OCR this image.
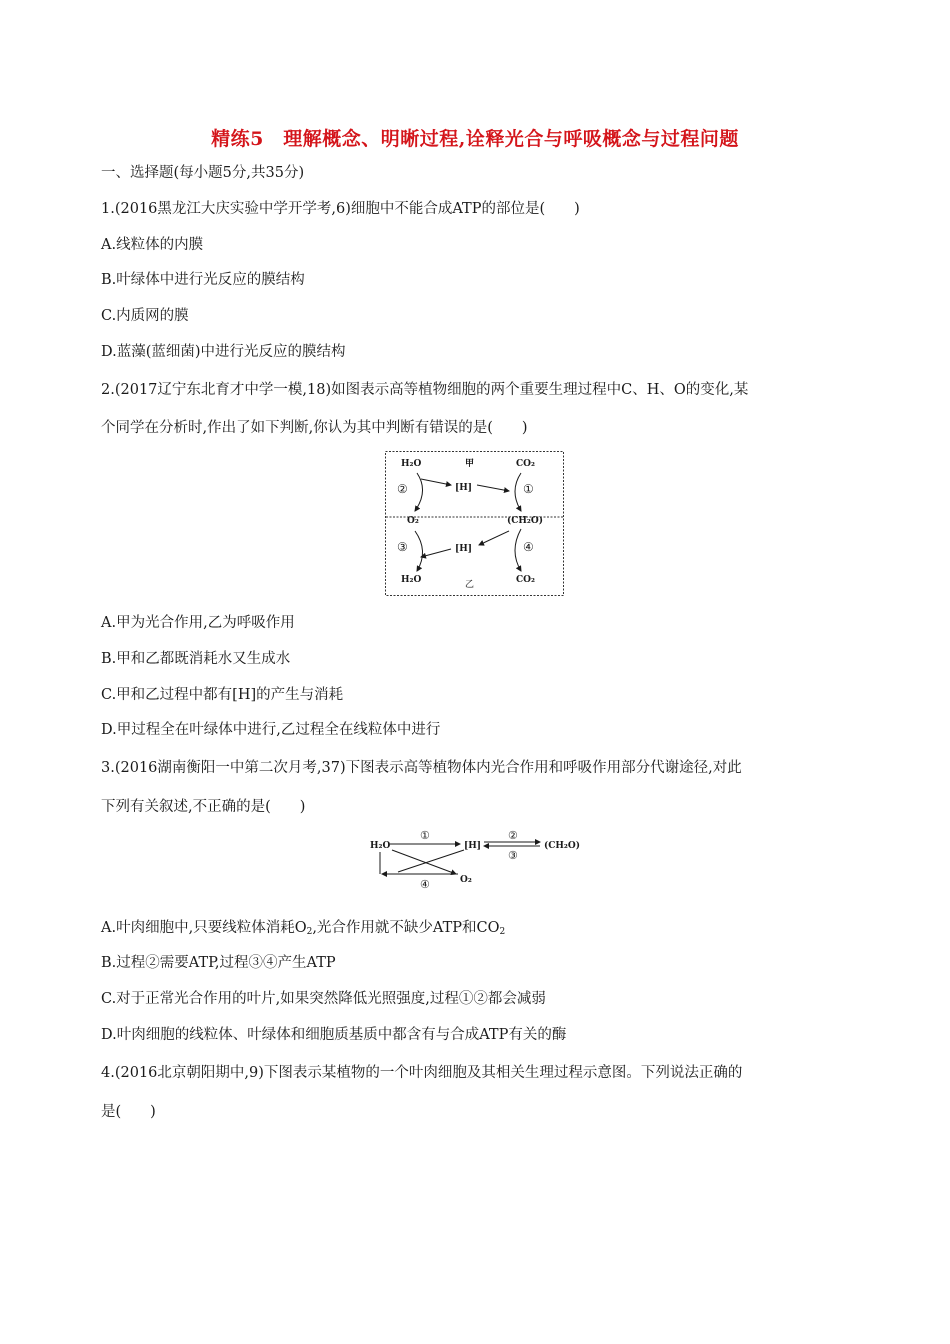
精练5　理解概念、明晰过程,诠释光合与呼吸概念与过程问题
一、选择题(每小题5分,共35分)
1.(2016黑龙江大庆实验中学开学考,6)细胞中不能合成ATP的部位是(　　)
A.线粒体的内膜
B.叶绿体中进行光反应的膜结构
C.内质网的膜
D.蓝藻(蓝细菌)中进行光反应的膜结构
2.(2017辽宁东北育才中学一模,18)如图表示高等植物细胞的两个重要生理过程中C、H、O的变化,某
个同学在分析时,作出了如下判断,你认为其中判断有错误的是(　　)
H₂O	甲	CO₂
②	[H]	①
O₂	(CH₂O)
③	[H]	④
H₂O	乙	CO₂
A.甲为光合作用,乙为呼吸作用
B.甲和乙都既消耗水又生成水
C.甲和乙过程中都有[H]的产生与消耗
D.甲过程全在叶绿体中进行,乙过程全在线粒体中进行
3.(2016湖南衡阳一中第二次月考,37)下图表示高等植物体内光合作用和呼吸作用部分代谢途径,对此
下列有关叙述,不正确的是(　　)
H₂O
①
[H]
②
③
(CH₂O)
④	O₂
A.叶肉细胞中,只要线粒体消耗$O_2$,光合作用就不缺少ATP和$CO_2$
B.过程②需要ATP,过程③④产生ATP
C.对于正常光合作用的叶片,如果突然降低光照强度,过程①②都会减弱
D.叶肉细胞的线粒体、叶绿体和细胞质基质中都含有与合成ATP有关的酶
4.(2016北京朝阳期中,9)下图表示某植物的一个叶肉细胞及其相关生理过程示意图。下列说法正确的
是(　　)
